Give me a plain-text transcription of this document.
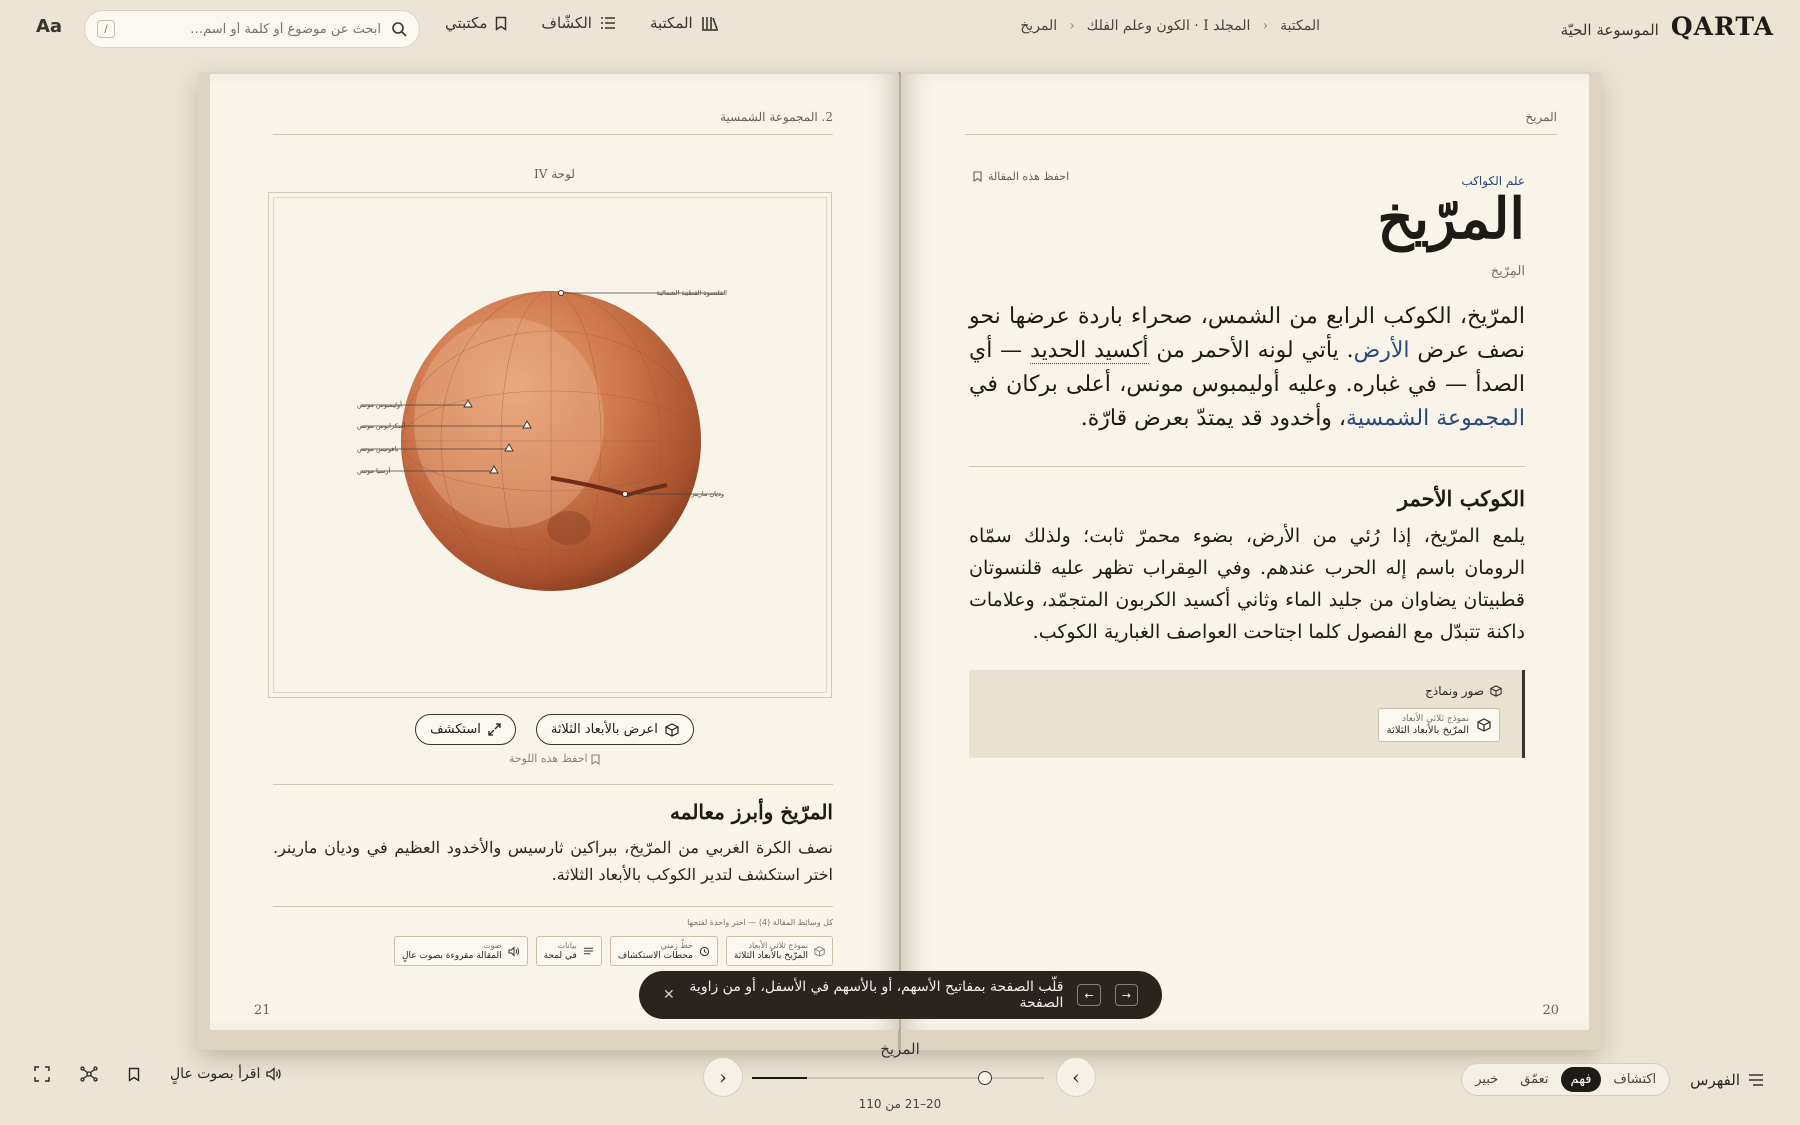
الموسوعة الحيّة QARTA
المكتبة
‹
المجلد I · الكون وعلم الفلك
‹
المريخ
المكتبة
الكشّاف
مكتبتي
ابحث عن موضوع أو كلمة أو اسم…
/
Aa
2. المجموعة الشمسية
لوحة IV
القلنسوة القطبية الشمالية
أوليمبوس مونس
أسكرايوس مونس
بافونيس مونس
أرسيا مونس
وديان مارينر
اعرض بالأبعاد الثلاثة
استكشف
احفظ هذه اللوحة
المرّيخ وأبرز معالمه
نصف الكرة الغربي من المرّيخ، ببراكين ثارسيس والأخدود العظيم في وديان مارينر. اختر استكشف لتدير الكوكب بالأبعاد الثلاثة.
كل وسائط المقالة (4) — اختر واحدة لفتحها
نموذج ثلاثي الأبعاد
المرّيخ بالأبعاد الثلاثة
خطّ زمني
محطات الاستكشاف
بيانات
في لمحة
صوت
المقالة مقروءة بصوت عالٍ
21
المريخ
علم الكواكب
احفظ هذه المقالة
المرّيخ
المِرّيخ
المرّيخ، الكوكب الرابع من الشمس، صحراء باردة عرضها نحو نصف عرض الأرض. يأتي لونه الأحمر من أكسيد الحديد — أي الصدأ — في غباره. وعليه أوليمبوس مونس، أعلى بركان في المجموعة الشمسية، وأخدود قد يمتدّ بعرض قارّة.
الكوكب الأحمر
يلمع المرّيخ، إذا رُئي من الأرض، بضوء محمرّ ثابت؛ ولذلك سمّاه الرومان باسم إله الحرب عندهم. وفي المِقراب تظهر عليه قلنسوتان قطبيتان يضاوان من جليد الماء وثاني أكسيد الكربون المتجمّد، وعلامات داكنة تتبدّل مع الفصول كلما اجتاحت العواصف الغبارية الكوكب.
صور ونماذج
نموذج ثلاثي الأبعاد
المرّيخ بالأبعاد الثلاثة
20
→
←
قلّب الصفحة بمفاتيح الأسهم، أو بالأسهم في الأسفل، أو من زاوية الصفحة
✕
المريخ
الفهرس
اكتشاف
فهم
تعمّق
خبير
›
‹
20–21 من 110
اقرأ بصوت عالٍ
